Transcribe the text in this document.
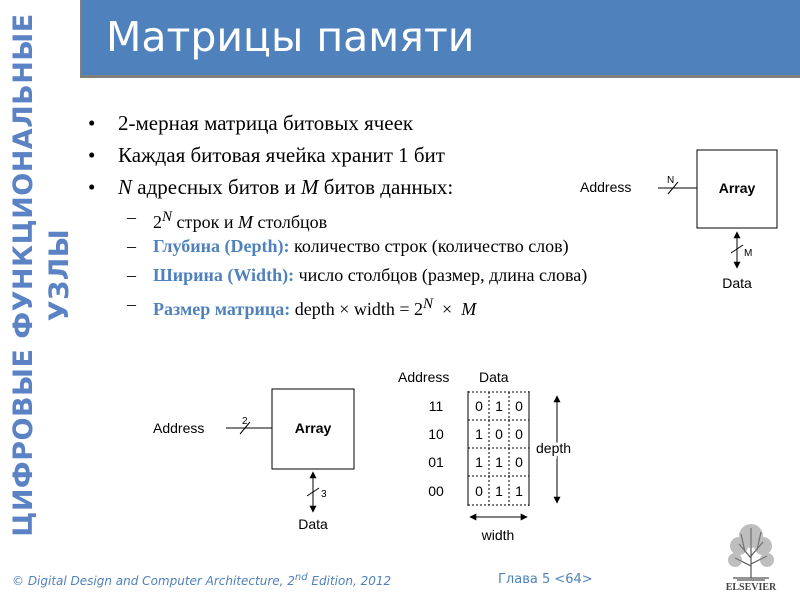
ЦИФРОВЫЕ ФУНКЦИОНАЛЬНЫЕ УЗЛЫ
Матрицы памяти
• 2-мерная матрица битовых ячеек
• Каждая битовая ячейка хранит 1 бит
• N адресных битов и M битов данных:
– $2^N$ строк и M столбцов
– Глубина (Depth): количество строк (количество слов)
– Ширина (Width): число столбцов (размер, длина слова)
– Размер матрица: depth × width = $2^N \times M$
Array
Address	N
M
Data
Array
Address	2
3
Data
Address Data
11 0 1 0
10 1 0 0
01 1 1 0
00 0 1 1
depth
width
© Digital Design and Computer Architecture, 2nd Edition, 2012	Глава 5 <64>
ELSEVIER
